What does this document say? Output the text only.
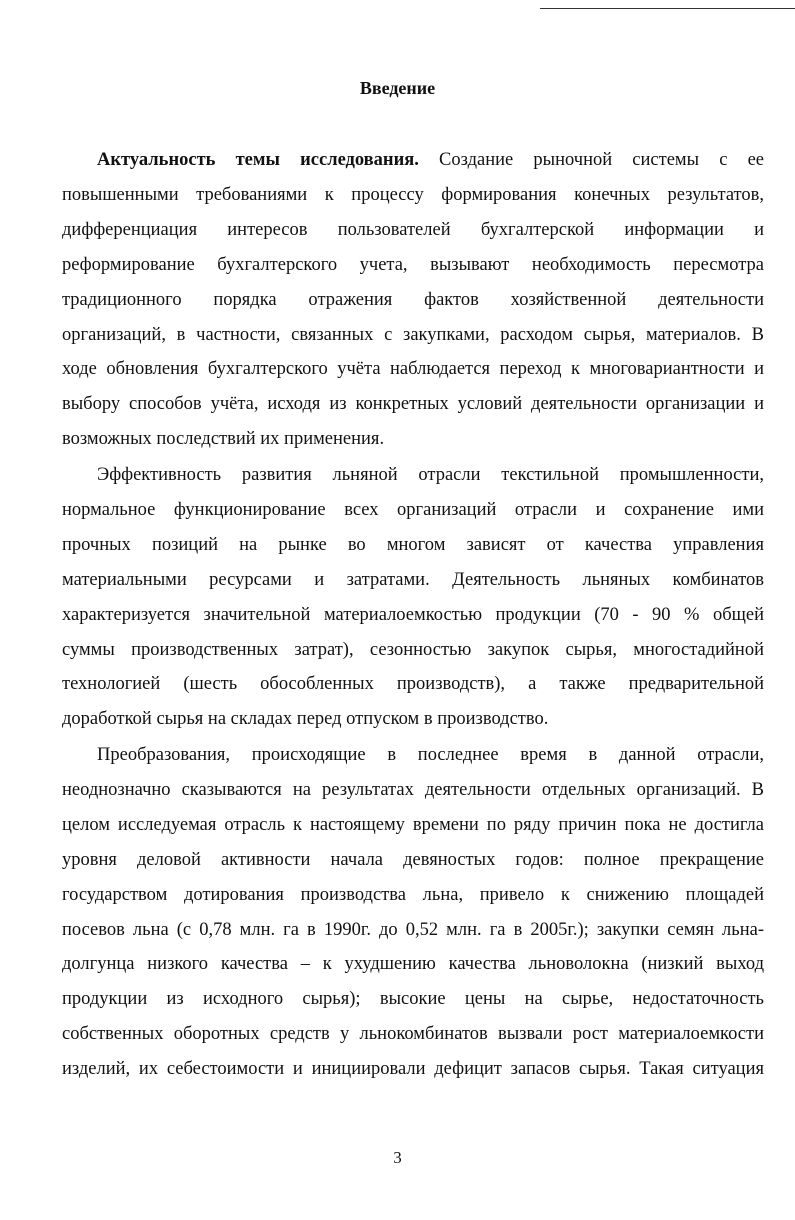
Введение
Актуальность темы исследования. Создание рыночной системы с ее
повышенными требованиями к процессу формирования конечных результатов,
дифференциация интересов пользователей бухгалтерской информации и
реформирование бухгалтерского учета, вызывают необходимость пересмотра
традиционного порядка отражения фактов хозяйственной деятельности
организаций, в частности, связанных с закупками, расходом сырья, материалов. В
ходе обновления бухгалтерского учёта наблюдается переход к многовариантности и
выбору способов учёта, исходя из конкретных условий деятельности организации и
возможных последствий их применения.
Эффективность развития льняной отрасли текстильной промышленности,
нормальное функционирование всех организаций отрасли и сохранение ими
прочных позиций на рынке во многом зависят от качества управления
материальными ресурсами и затратами. Деятельность льняных комбинатов
характеризуется значительной материалоемкостью продукции (70 - 90 % общей
суммы производственных затрат), сезонностью закупок сырья, многостадийной
технологией (шесть обособленных производств), а также предварительной
доработкой сырья на складах перед отпуском в производство.
Преобразования, происходящие в последнее время в данной отрасли,
неоднозначно сказываются на результатах деятельности отдельных организаций. В
целом исследуемая отрасль к настоящему времени по ряду причин пока не достигла
уровня деловой активности начала девяностых годов: полное прекращение
государством дотирования производства льна, привело к снижению площадей
посевов льна (с 0,78 млн. га в 1990г. до 0,52 млн. га в 2005г.); закупки семян льна-
долгунца низкого качества – к ухудшению качества льноволокна (низкий выход
продукции из исходного сырья); высокие цены на сырье, недостаточность
собственных оборотных средств у льнокомбинатов вызвали рост материалоемкости
изделий, их себестоимости и инициировали дефицит запасов сырья. Такая ситуация
3
